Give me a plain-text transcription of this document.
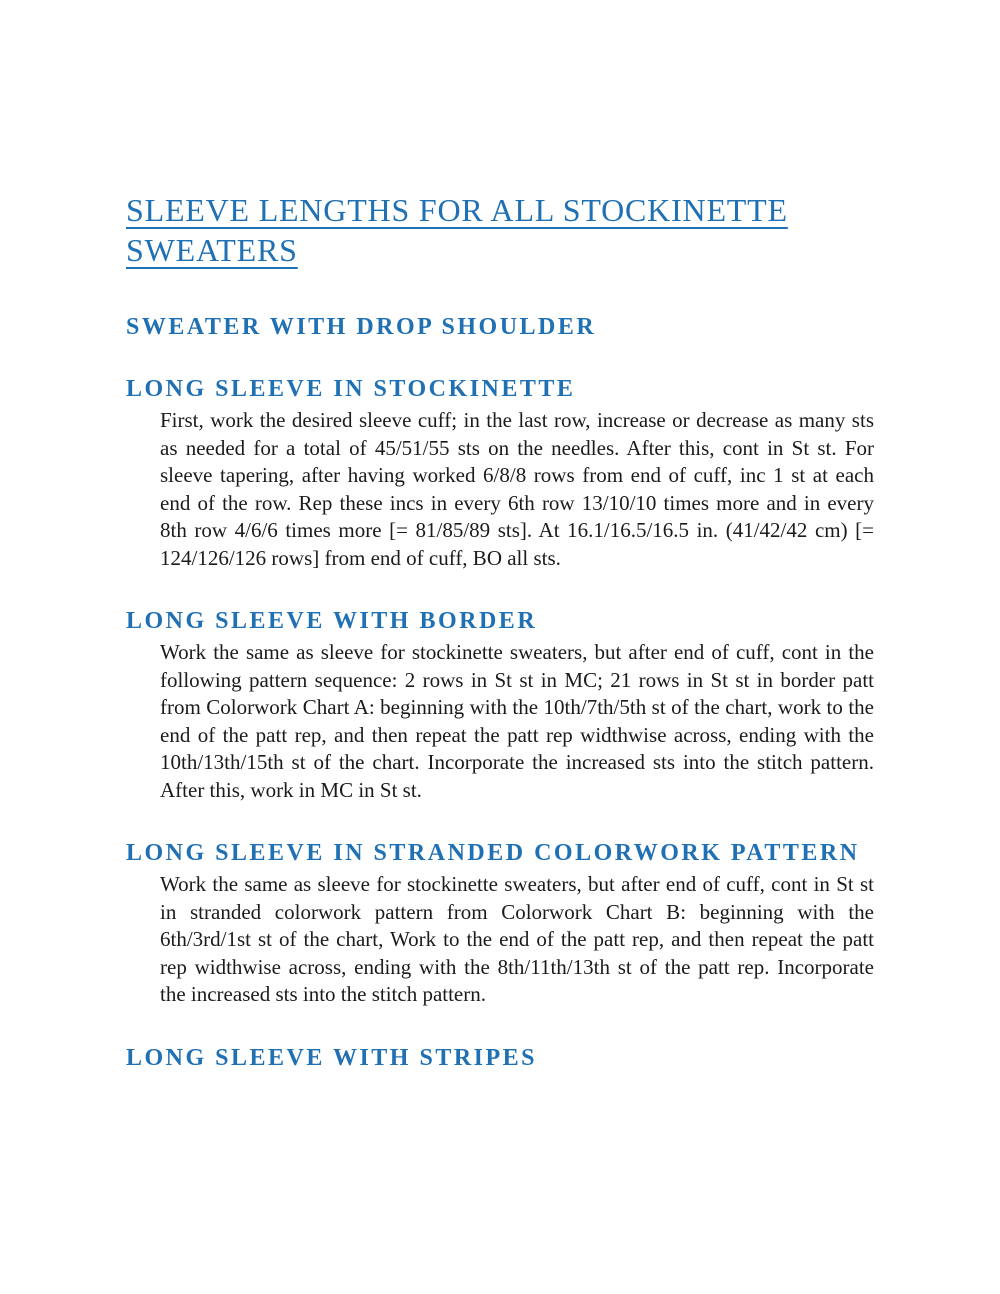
SLEEVE LENGTHS FOR ALL STOCKINETTE SWEATERS
SWEATER WITH DROP SHOULDER
LONG SLEEVE IN STOCKINETTE

First, work the desired sleeve cuff; in the last row, increase or decrease as many sts as needed for a total of 45/51/55 sts on the needles. After this, cont in St st. For sleeve tapering, after having worked 6/8/8 rows from end of cuff, inc 1 st at each end of the row. Rep these incs in every 6th row 13/10/10 times more and in every 8th row 4/6/6 times more [= 81/85/89 sts]. At 16.1/16.5/16.5 in. (41/42/42 cm) [= 124/126/126 rows] from end of cuff, BO all sts.

LONG SLEEVE WITH BORDER

Work the same as sleeve for stockinette sweaters, but after end of cuff, cont in the following pattern sequence: 2 rows in St st in MC; 21 rows in St st in border patt from Colorwork Chart A: beginning with the 10th/7th/5th st of the chart, work to the end of the patt rep, and then repeat the patt rep widthwise across, ending with the 10th/13th/15th st of the chart. Incorporate the increased sts into the stitch pattern. After this, work in MC in St st.

LONG SLEEVE IN STRANDED COLORWORK PATTERN

Work the same as sleeve for stockinette sweaters, but after end of cuff, cont in St st in stranded colorwork pattern from Colorwork Chart B: beginning with the 6th/3rd/1st st of the chart, Work to the end of the patt rep, and then repeat the patt rep widthwise across, ending with the 8th/11th/13th st of the patt rep. Incorporate the increased sts into the stitch pattern.

LONG SLEEVE WITH STRIPES
